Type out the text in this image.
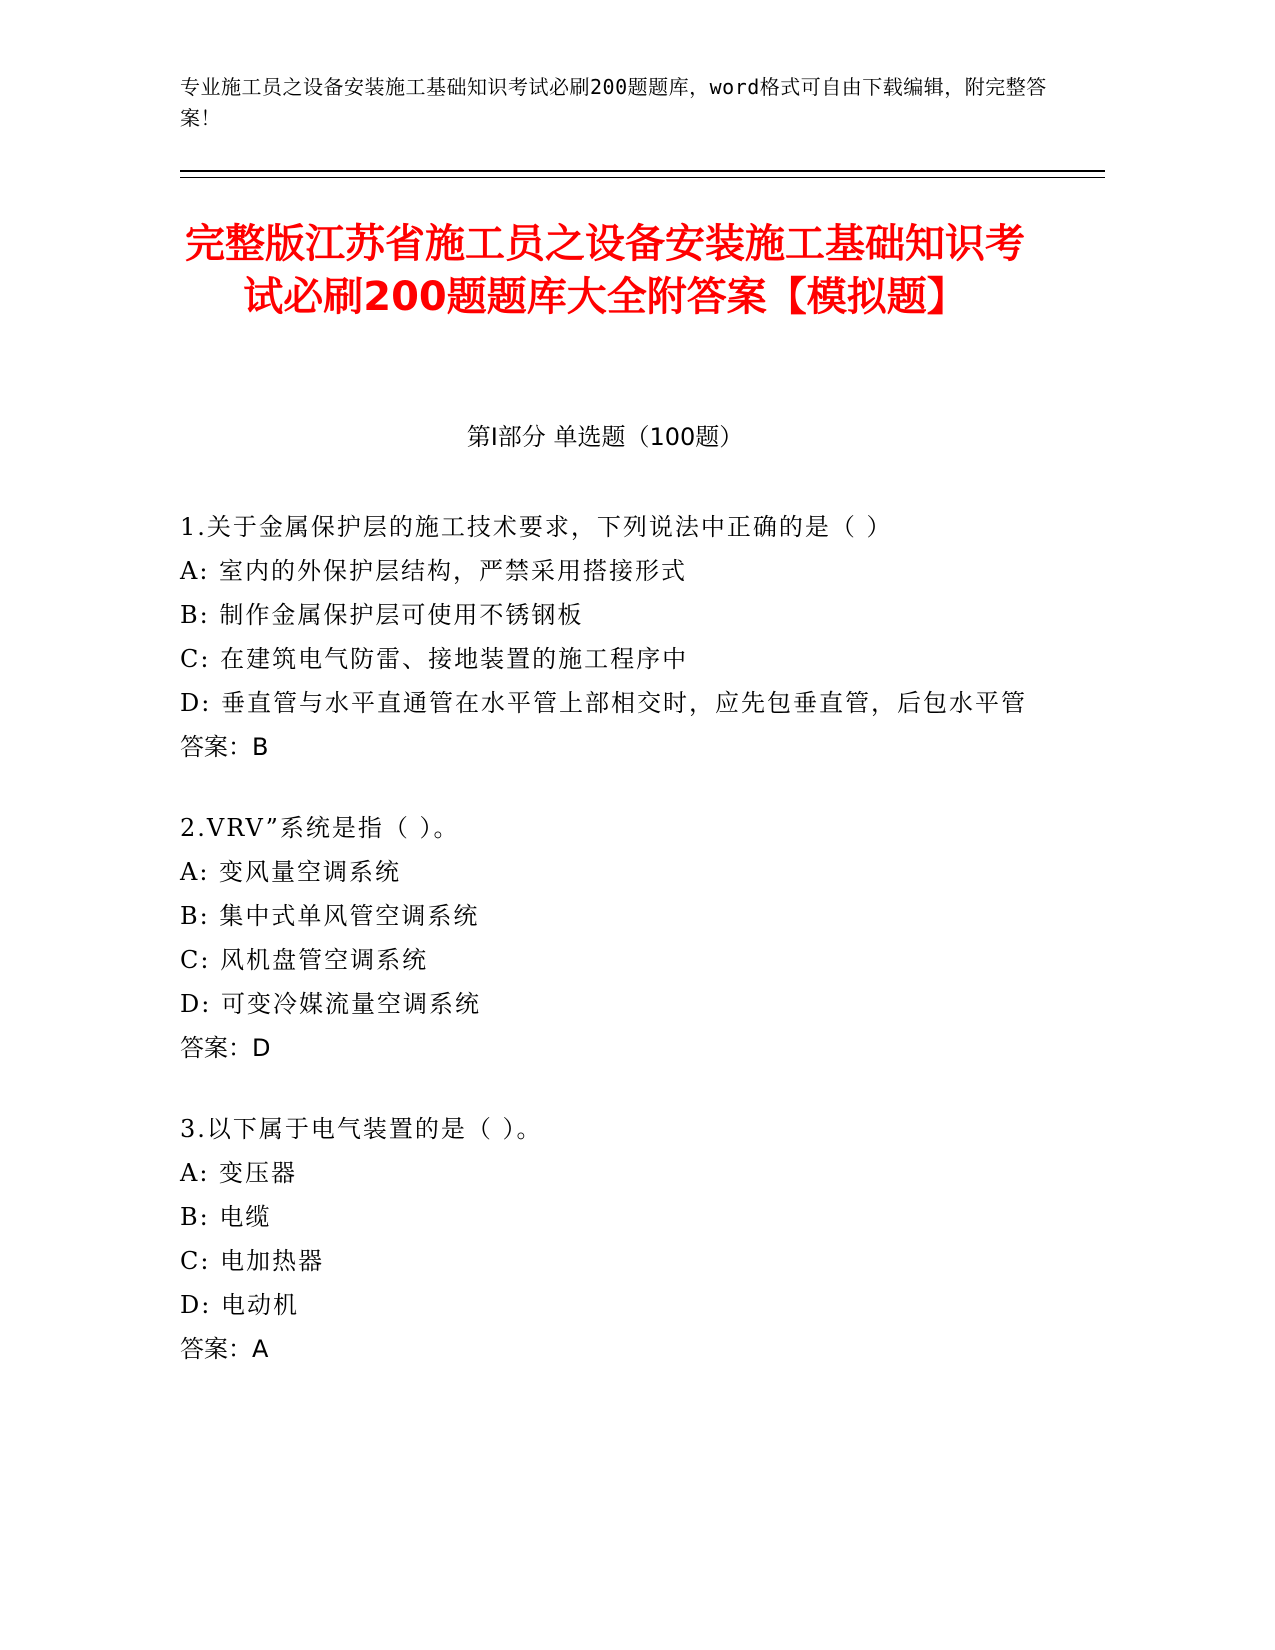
专业施工员之设备安装施工基础知识考试必刷200题题库，word格式可自由下载编辑，附完整答案！
完整版江苏省施工员之设备安装施工基础知识考试必刷200题题库大全附答案【模拟题】
第Ⅰ部分 单选题（100题）
1.关于金属保护层的施工技术要求，下列说法中正确的是（ ）
A: 室内的外保护层结构，严禁采用搭接形式
B: 制作金属保护层可使用不锈钢板
C: 在建筑电气防雷、接地装置的施工程序中
D: 垂直管与水平直通管在水平管上部相交时，应先包垂直管，后包水平管
答案：B
2.VRV”系统是指（ ）。
A: 变风量空调系统
B: 集中式单风管空调系统
C: 风机盘管空调系统
D: 可变冷媒流量空调系统
答案：D
3.以下属于电气装置的是（ ）。
A: 变压器
B: 电缆
C: 电加热器
D: 电动机
答案：A
